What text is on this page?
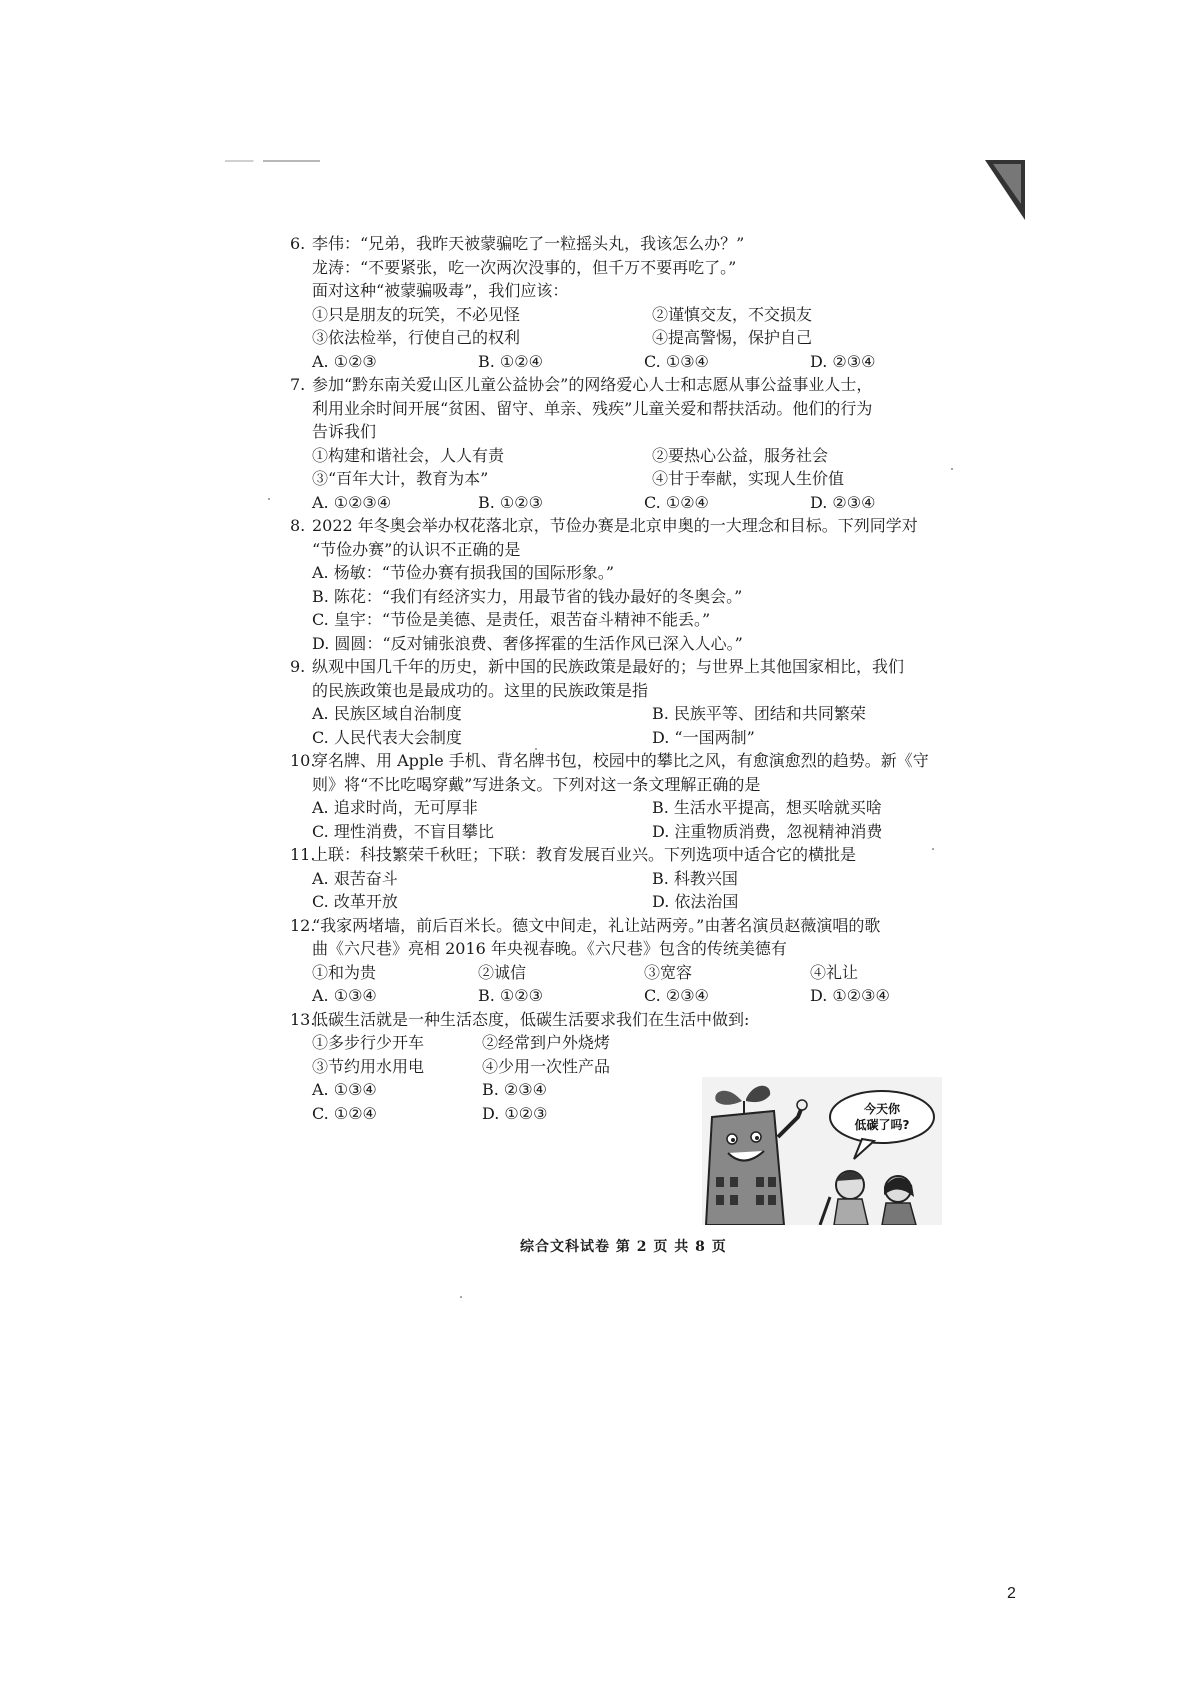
6. 李伟：“兄弟，我昨天被蒙骗吃了一粒摇头丸，我该怎么办？”
龙涛：“不要紧张，吃一次两次没事的，但千万不要再吃了。”
面对这种“被蒙骗吸毒”，我们应该：
①只是朋友的玩笑，不必见怪	②谨慎交友，不交损友
③依法检举，行使自己的权利	④提高警惕，保护自己
A. ①②③	B. ①②④	C. ①③④	D. ②③④
7. 参加“黔东南关爱山区儿童公益协会”的网络爱心人士和志愿从事公益事业人士，
利用业余时间开展“贫困、留守、单亲、残疾”儿童关爱和帮扶活动。他们的行为
告诉我们
①构建和谐社会，人人有责	②要热心公益，服务社会
③“百年大计，教育为本”	④甘于奉献，实现人生价值
A. ①②③④	B. ①②③	C. ①②④	D. ②③④
8. 2022 年冬奥会举办权花落北京，节俭办赛是北京申奥的一大理念和目标。下列同学对
“节俭办赛”的认识不正确的是
A. 杨敏：“节俭办赛有损我国的国际形象。”
B. 陈花：“我们有经济实力，用最节省的钱办最好的冬奥会。”
C. 皇宇：“节俭是美德、是责任，艰苦奋斗精神不能丢。”
D. 圆圆：“反对铺张浪费、奢侈挥霍的生活作风已深入人心。”
9. 纵观中国几千年的历史，新中国的民族政策是最好的；与世界上其他国家相比，我们
的民族政策也是最成功的。这里的民族政策是指
A. 民族区域自治制度	B. 民族平等、团结和共同繁荣
C. 人民代表大会制度	D. “一国两制”
10.穿名牌、用 Apple 手机、背名牌书包，校园中的攀比之风，有愈演愈烈的趋势。新《守
则》将“不比吃喝穿戴”写进条文。下列对这一条文理解正确的是
A. 追求时尚，无可厚非	B. 生活水平提高，想买啥就买啥
C. 理性消费，不盲目攀比	D. 注重物质消费，忽视精神消费
11.上联：科技繁荣千秋旺；下联：教育发展百业兴。下列选项中适合它的横批是
A. 艰苦奋斗	B. 科教兴国
C. 改革开放	D. 依法治国
12.“我家两堵墙，前后百米长。德文中间走，礼让站两旁。”由著名演员赵薇演唱的歌
曲《六尺巷》亮相 2016 年央视春晚。《六尺巷》包含的传统美德有
①和为贵	②诚信	③宽容	④礼让
A. ①③④	B. ①②③	C. ②③④	D. ①②③④
13.低碳生活就是一种生活态度，低碳生活要求我们在生活中做到:
①多步行少开车	②经常到户外烧烤
③节约用水用电	④少用一次性产品
A. ①③④	B. ②③④
C. ①②④	D. ①②③	今天你
低碳了吗?
综合文科试卷 第 2 页 共 8 页
2
